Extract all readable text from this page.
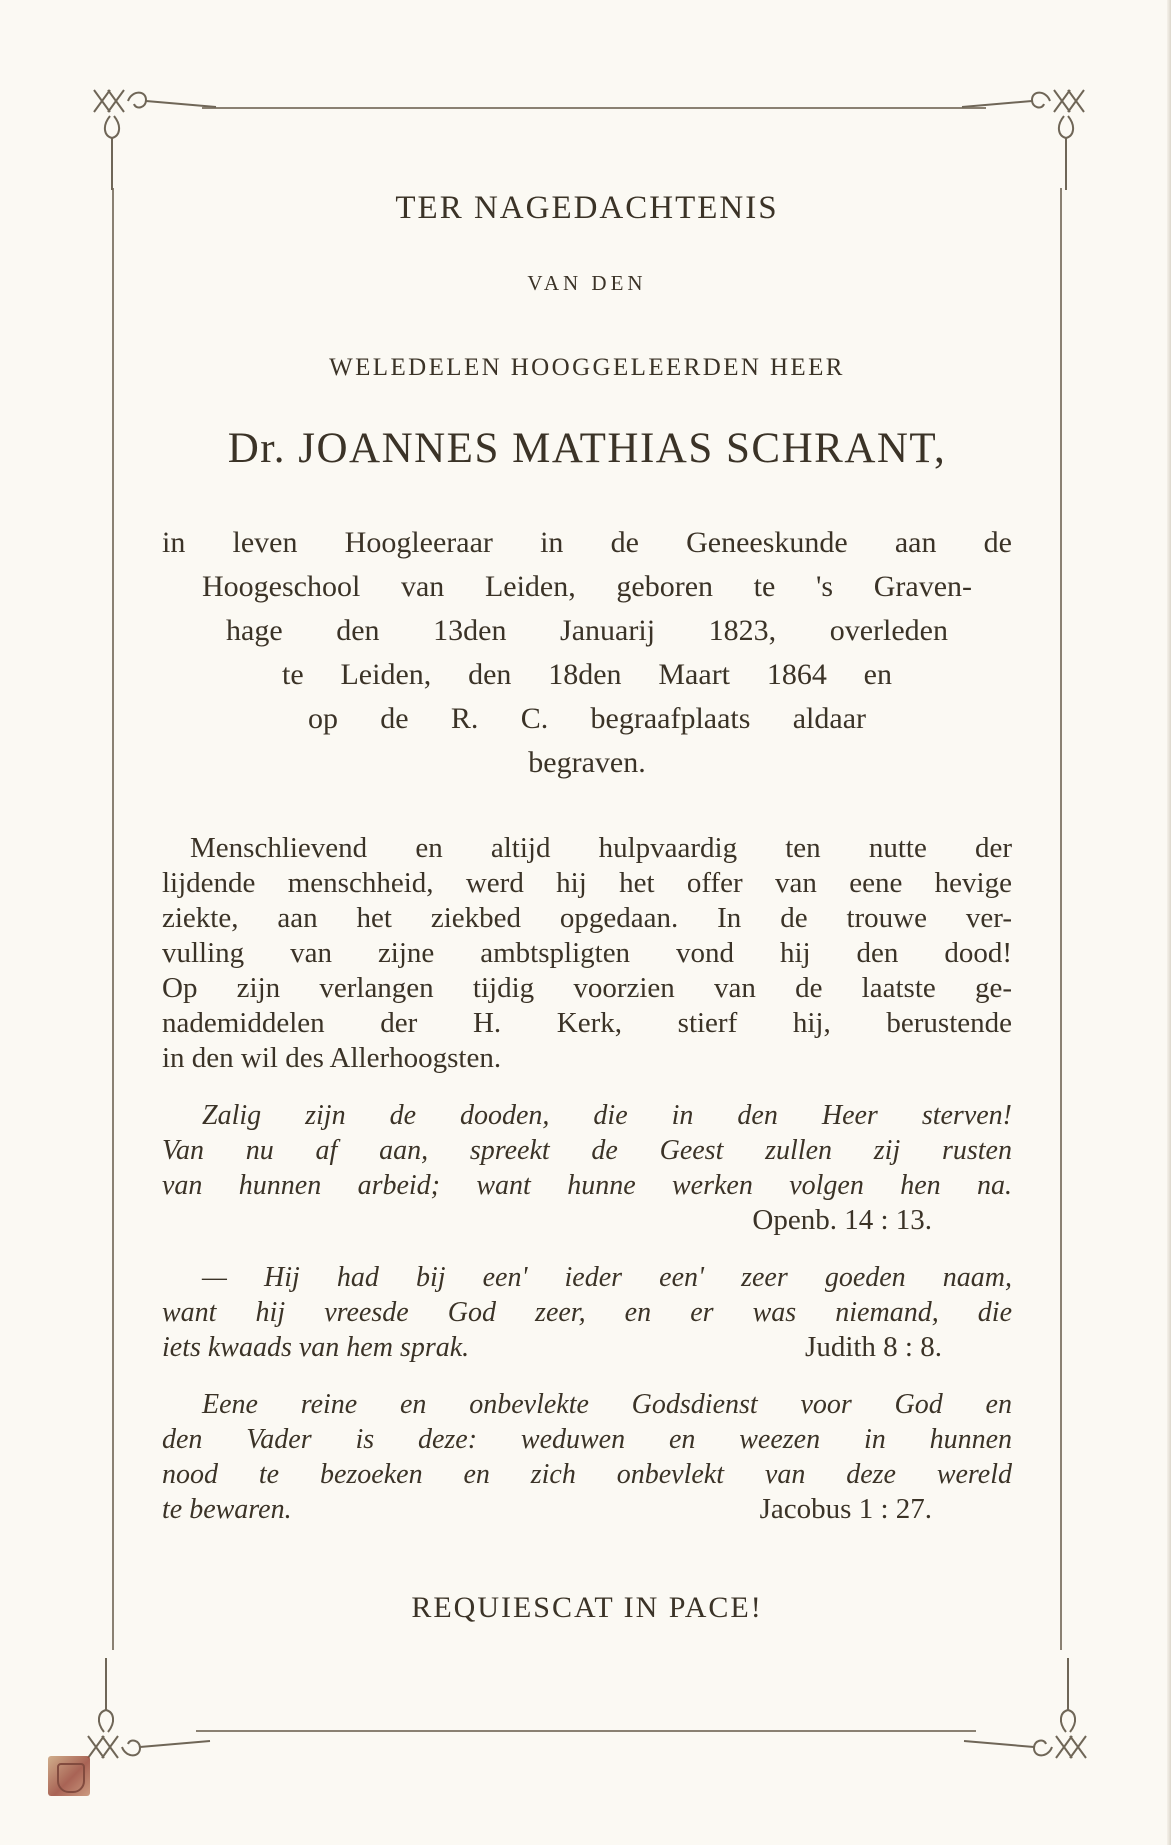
TER NAGEDACHTENIS
VAN DEN
WELEDELEN HOOGGELEERDEN HEER
Dr. JOANNES MATHIAS SCHRANT,
in leven Hoogleeraar in de Geneeskunde aan de
Hoogeschool van Leiden, geboren te 's Graven-
hage den 13den Januarij 1823, overleden
te Leiden, den 18den Maart 1864 en
op de R. C. begraafplaats aldaar
begraven.
Menschlievend en altijd hulpvaardig ten nutte der
lijdende menschheid, werd hij het offer van eene hevige
ziekte, aan het ziekbed opgedaan. In de trouwe ver-
vulling van zijne ambtspligten vond hij den dood!
Op zijn verlangen tijdig voorzien van de laatste ge-
nademiddelen der H. Kerk, stierf hij, berustende
in den wil des Allerhoogsten.
Zalig zijn de dooden, die in den Heer sterven!
Van nu af aan, spreekt de Geest zullen zij rusten
van hunnen arbeid; want hunne werken volgen hen na.
Openb. 14 : 13.
— Hij had bij een' ieder een' zeer goeden naam,
want hij vreesde God zeer, en er was niemand, die
iets kwaads van hem sprak.	Judith 8 : 8.
Eene reine en onbevlekte Godsdienst voor God en
den Vader is deze: weduwen en weezen in hunnen
nood te bezoeken en zich onbevlekt van deze wereld
te bewaren.	Jacobus 1 : 27.
REQUIESCAT IN PACE!
